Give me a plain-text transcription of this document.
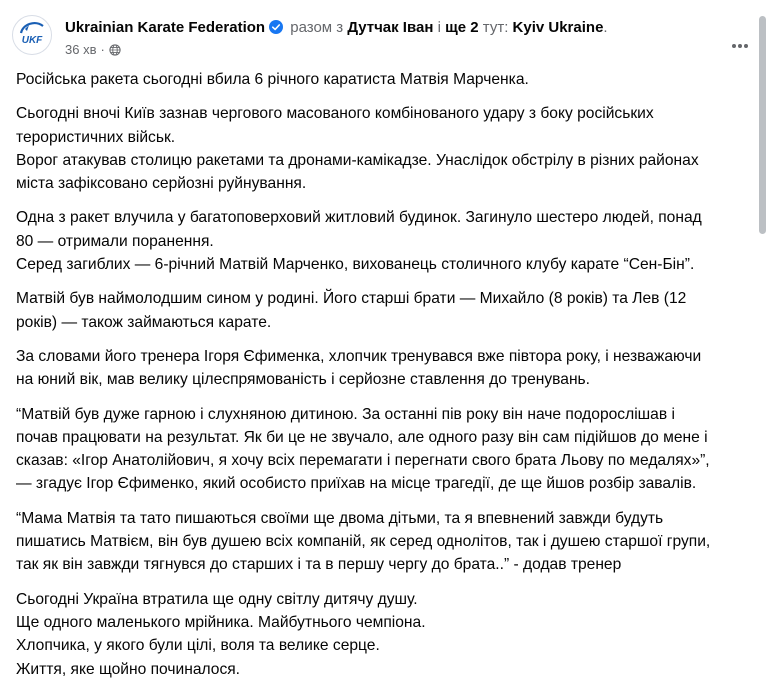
UKF
Ukrainian Karate Federation разом з Дутчак Іван і ще 2 тут: Kyiv Ukraine.
36 хв ·

Російська ракета сьогодні вбила 6 річного каратиста Матвія Марченка.

Сьогодні вночі Київ зазнав чергового масованого комбінованого удару з боку російських
терористичних військ.
Ворог атакував столицю ракетами та дронами-камікадзе. Унаслідок обстрілу в різних районах
міста зафіксовано серйозні руйнування.

Одна з ракет влучила у багатоповерховий житловий будинок. Загинуло шестеро людей, понад
80 — отримали поранення.
Серед загиблих — 6-річний Матвій Марченко, вихованець столичного клубу карате “Сен-Бін”.

Матвій був наймолодшим сином у родині. Його старші брати — Михайло (8 років) та Лев (12
років) — також займаються карате.

За словами його тренера Ігоря Єфименка, хлопчик тренувався вже півтора року, і незважаючи
на юний вік, мав велику цілеспрямованість і серйозне ставлення до тренувань.

“Матвій був дуже гарною і слухняною дитиною. За останні пів року він наче подорослішав і
почав працювати на результат. Як би це не звучало, але одного разу він сам підійшов до мене і
сказав: «Ігор Анатолійович, я хочу всіх перемагати і перегнати свого брата Льову по медалях»”,
— згадує Ігор Єфименко, який особисто приїхав на місце трагедії, де ще йшов розбір завалів.

“Мама Матвія та тато пишаються своїми ще двома дітьми, та я впевнений завжди будуть
пишатись Матвієм, він був душею всіх компаній, як серед однолітов, так і душею старшої групи,
так як він завжди тягнувся до старших і та в першу чергу до брата..” - додав тренер

Сьогодні Україна втратила ще одну світлу дитячу душу.
Ще одного маленького мрійника. Майбутнього чемпіона.
Хлопчика, у якого були цілі, воля та велике серце.
Життя, яке щойно починалося.
